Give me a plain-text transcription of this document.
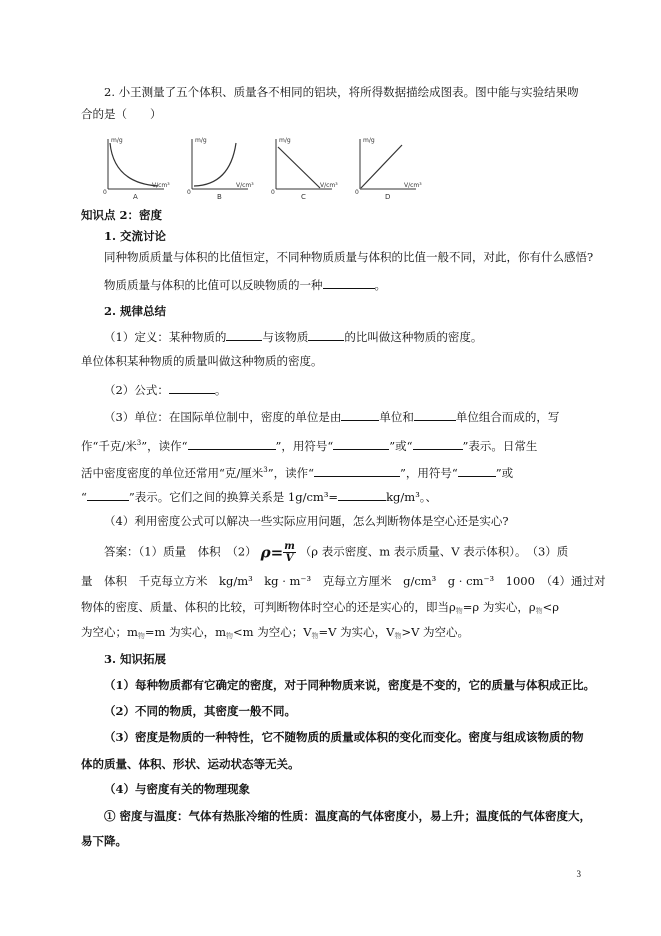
2. 小王测量了五个体积、质量各不相同的铝块，将所得数据描绘成图表。图中能与实验结果吻
合的是（　　）
m/g
V/cm³
0
A
m/g
V/cm³
0
B
m/g
V/cm³
0
C
m/g
V/cm³
0
D
知识点 2：密度
1. 交流讨论
同种物质质量与体积的比值恒定，不同种物质质量与体积的比值一般不同，对此，你有什么感悟?
物质质量与体积的比值可以反映物质的一种	。
2. 规律总结
（1）定义：某种物质的	与该物质	的比叫做这种物质的密度。
单位体积某种物质的质量叫做这种物质的密度。
（2）公式：	。
（3）单位：在国际单位制中，密度的单位是由	单位和	单位组合而成的，写
作“千克/米$^3$”，读作“	”，用符号“	”或“	”表示。日常生
活中密度密度的单位还常用“克/厘米$^3$”，读作“	”，用符号“	”或
“	”表示。它们之间的换算关系是 1g/cm³=	kg/m³。、
（4）利用密度公式可以解决一些实际应用问题，怎么判断物体是空心还是实心?
答案：（1）质量　体积　（2） $\rho= \frac{m}{V} (\rho$ 表示密度、m 表示质量、V 表示体积）。　（3）质
量　体积　千克每立方米　kg/m³　kg · m⁻³　克每立方厘米　g/cm³　g · cm⁻³　1000　（4）通过对
物体的密度、质量、体积的比较，可判断物体时空心的还是实心的，即当$\rho_物=\rho$ 为实心，$\rho_物<\rho$
为空心；$m_物=m$ 为实心，$m_物<m$ 为空心；$V_物=V$ 为实心，$V_物>V$ 为空心。
3. 知识拓展
（1）每种物质都有它确定的密度，对于同种物质来说，密度是不变的，它的质量与体积成正比。
（2）不同的物质，其密度一般不同。
（3）密度是物质的一种特性，它不随物质的质量或体积的变化而变化。密度与组成该物质的物
体的质量、体积、形状、运动状态等无关。
（4）与密度有关的物理现象
① 密度与温度：气体有热胀冷缩的性质：温度高的气体密度小，易上升；温度低的气体密度大，
易下降。
3
